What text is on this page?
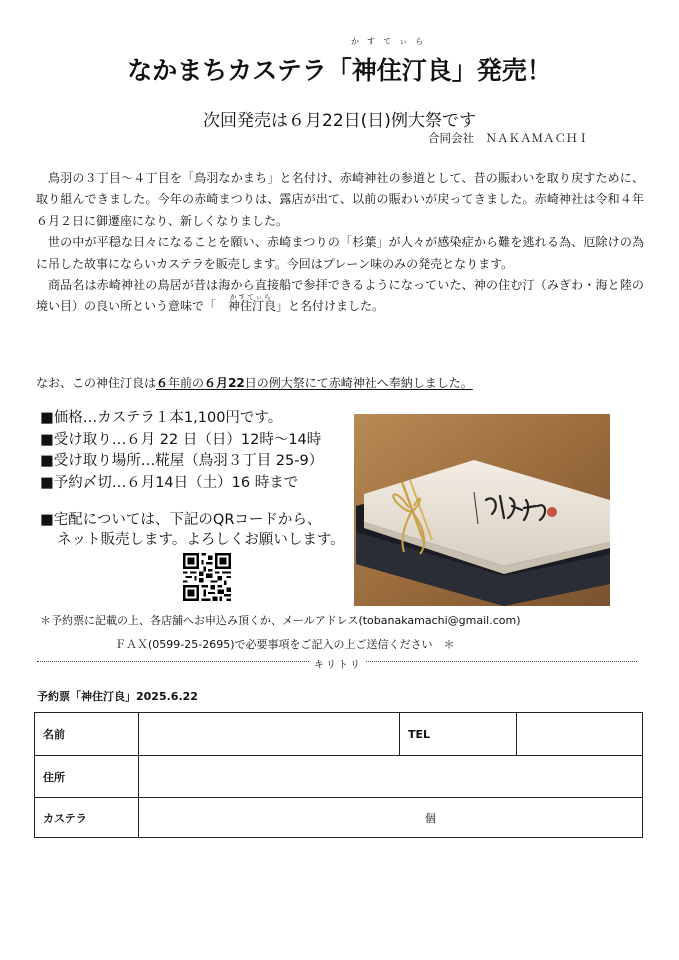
かすてぃら
なかまちカステラ「神住汀良」発売！
次回発売は６月22日(日)例大祭です
合同会社　ＮＡＫＡＭＡＣＨＩ

鳥羽の３丁目～４丁目を「鳥羽なかまち」と名付け、赤崎神社の参道として、昔の賑わいを取り戻すために、取り組んできました。今年の赤崎まつりは、露店が出て、以前の賑わいが戻ってきました。赤崎神社は令和４年６月２日に御遷座になり、新しくなりました。

世の中が平穏な日々になることを願い、赤崎まつりの「杉葉」が人々が感染症から難を逃れる為、厄除けの為に吊した故事にならいカステラを販売します。今回はプレーン味のみの発売となります。

商品名は赤崎神社の鳥居が昔は海から直接船で参拝できるようになっていた、神の住む汀（みぎわ・海と陸の境い目）の良い所という意味で「
かすてぃら
神住汀良」と名付けました。

なお、この神住汀良は６年前の６月22日の例大祭にて赤崎神社へ奉納しました。
■価格…カステラ１本1,100円です。
■受け取り…６月 22 日（日）12時～14時
■受け取り場所…糀屋（鳥羽３丁目 25-9）
■予約〆切…６月14日（土）16 時まで
■宅配については、下記のQRコードから、
ネット販売します。よろしくお願いします。
＊予約票に記載の上、各店舗へお申込み頂くか、メールアドレス(tobanakamachi@gmail.com)
ＦＡＸ(0599-25-2695)で必要事項をご記入の上ご送信ください　＊
キリトリ
予約票「神住汀良」2025.6.22
名前		TEL	
住所			
カステラ	個		
